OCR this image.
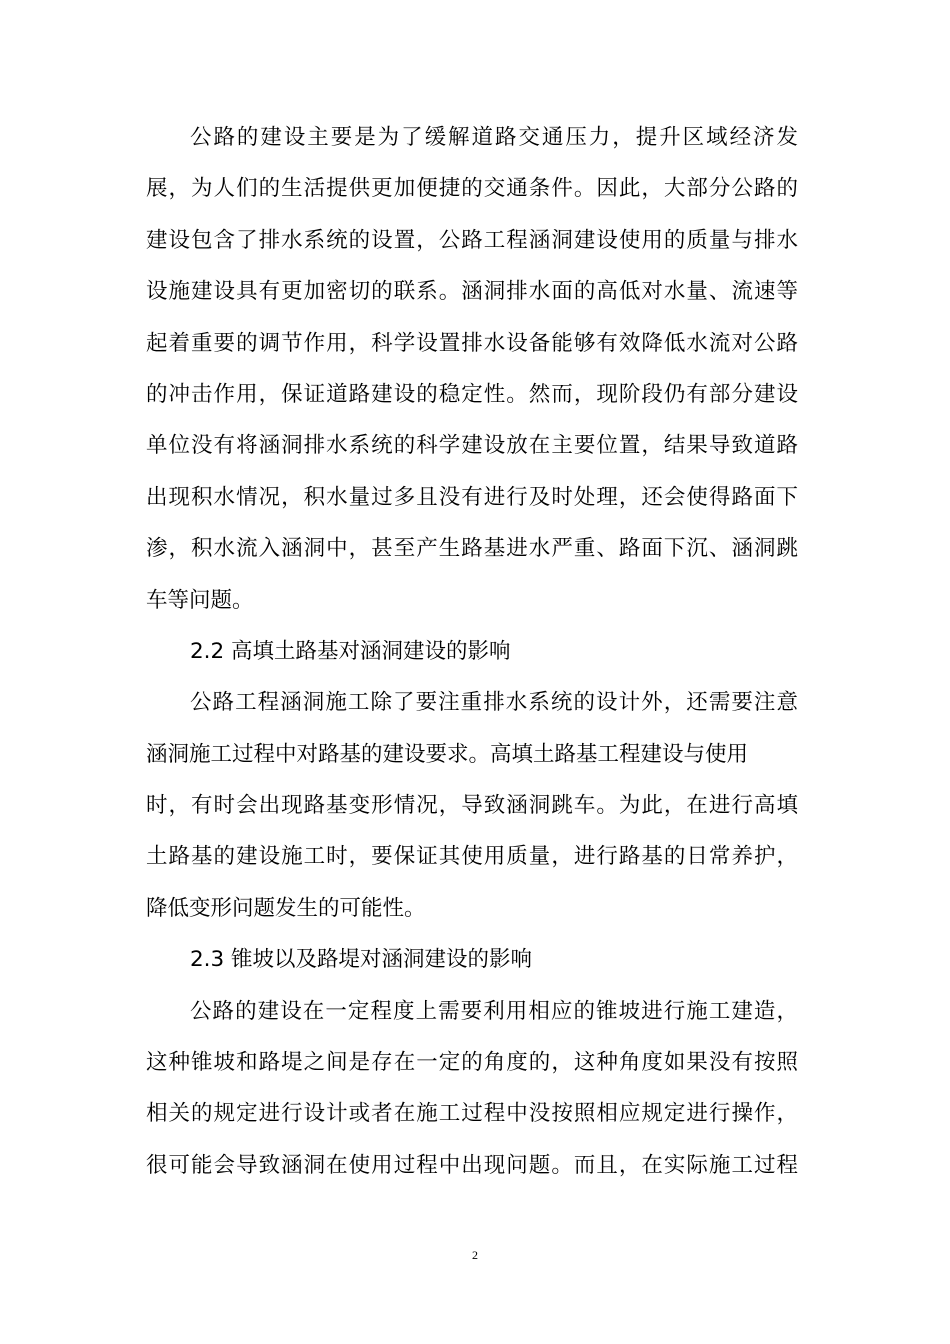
公路的建设主要是为了缓解道路交通压力，提升区域经济发
展，为人们的生活提供更加便捷的交通条件。因此，大部分公路的
建设包含了排水系统的设置，公路工程涵洞建设使用的质量与排水
设施建设具有更加密切的联系。涵洞排水面的高低对水量、流速等
起着重要的调节作用，科学设置排水设备能够有效降低水流对公路
的冲击作用，保证道路建设的稳定性。然而，现阶段仍有部分建设
单位没有将涵洞排水系统的科学建设放在主要位置，结果导致道路
出现积水情况，积水量过多且没有进行及时处理，还会使得路面下
渗，积水流入涵洞中，甚至产生路基进水严重、路面下沉、涵洞跳
车等问题。
2.2 高填土路基对涵洞建设的影响
公路工程涵洞施工除了要注重排水系统的设计外，还需要注意
涵洞施工过程中对路基的建设要求。高填土路基工程建设与使用
时，有时会出现路基变形情况，导致涵洞跳车。为此，在进行高填
土路基的建设施工时，要保证其使用质量，进行路基的日常养护，
降低变形问题发生的可能性。
2.3 锥坡以及路堤对涵洞建设的影响
公路的建设在一定程度上需要利用相应的锥坡进行施工建造，
这种锥坡和路堤之间是存在一定的角度的，这种角度如果没有按照
相关的规定进行设计或者在施工过程中没按照相应规定进行操作，
很可能会导致涵洞在使用过程中出现问题。而且，在实际施工过程
2
